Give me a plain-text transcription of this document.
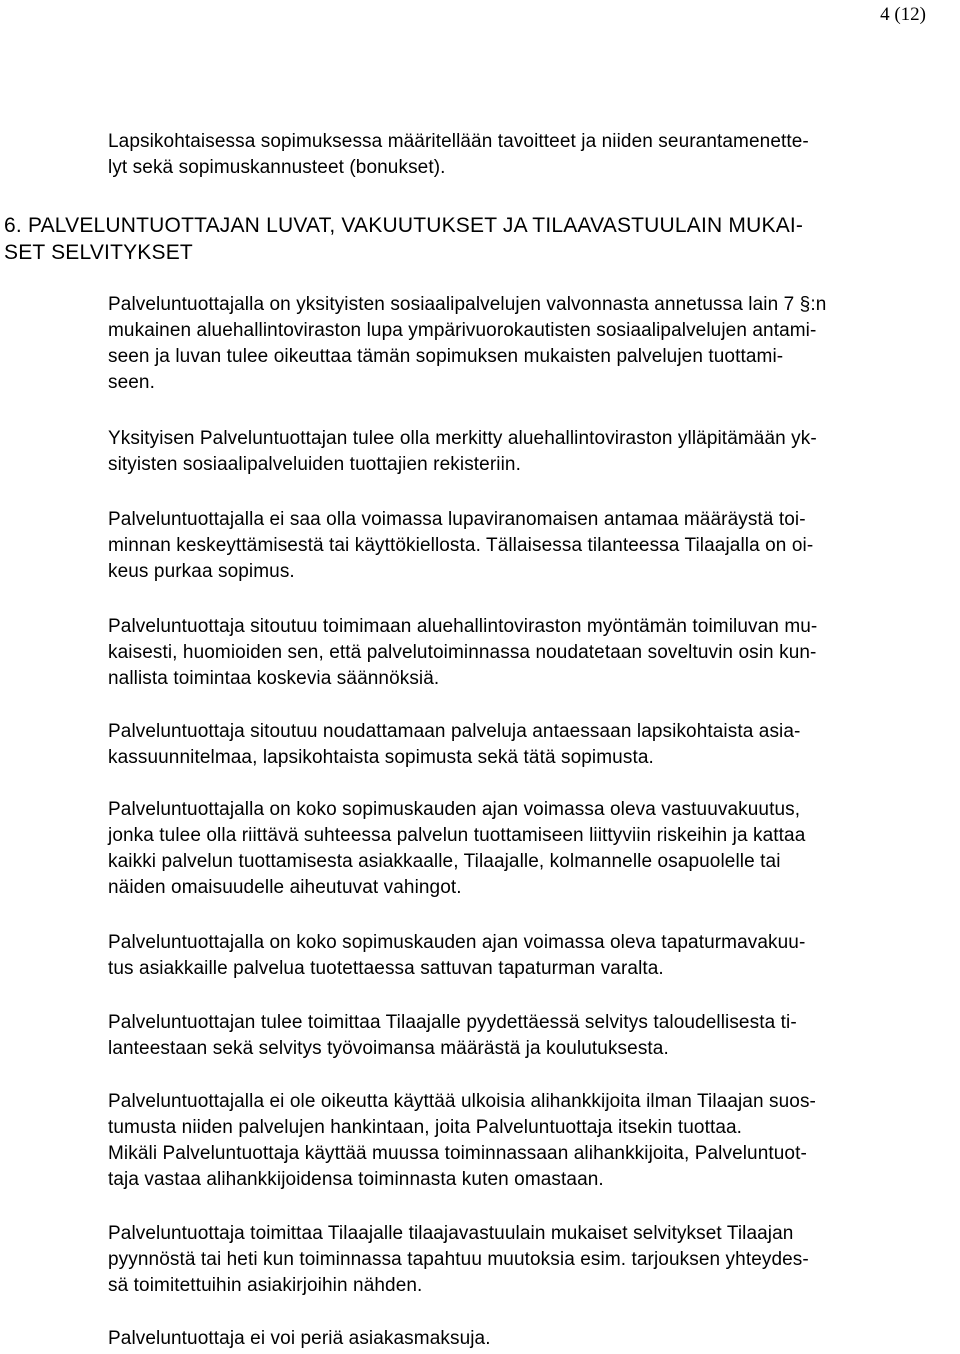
4 (12)
Lapsikohtaisessa sopimuksessa määritellään tavoitteet ja niiden seurantamenette-
lyt sekä sopimuskannusteet (bonukset).
6. PALVELUNTUOTTAJAN LUVAT, VAKUUTUKSET JA TILAAVASTUULAIN MUKAI-
SET SELVITYKSET
Palveluntuottajalla on yksityisten sosiaalipalvelujen valvonnasta annetussa lain 7 §:n
mukainen aluehallintoviraston lupa ympärivuorokautisten sosiaalipalvelujen antami-
seen ja luvan tulee oikeuttaa tämän sopimuksen mukaisten palvelujen tuottami-
seen.
Yksityisen Palveluntuottajan tulee olla merkitty aluehallintoviraston ylläpitämään yk-
sityisten sosiaalipalveluiden tuottajien rekisteriin.
Palveluntuottajalla ei saa olla voimassa lupaviranomaisen antamaa määräystä toi-
minnan keskeyttämisestä tai käyttökiellosta. Tällaisessa tilanteessa Tilaajalla on oi-
keus purkaa sopimus.
Palveluntuottaja sitoutuu toimimaan aluehallintoviraston myöntämän toimiluvan mu-
kaisesti, huomioiden sen, että palvelutoiminnassa noudatetaan soveltuvin osin kun-
nallista toimintaa koskevia säännöksiä.
Palveluntuottaja sitoutuu noudattamaan palveluja antaessaan lapsikohtaista asia-
kassuunnitelmaa, lapsikohtaista sopimusta sekä tätä sopimusta.
Palveluntuottajalla on koko sopimuskauden ajan voimassa oleva vastuuvakuutus,
jonka tulee olla riittävä suhteessa palvelun tuottamiseen liittyviin riskeihin ja kattaa
kaikki palvelun tuottamisesta asiakkaalle, Tilaajalle, kolmannelle osapuolelle tai
näiden omaisuudelle aiheutuvat vahingot.
Palveluntuottajalla on koko sopimuskauden ajan voimassa oleva tapaturmavakuu-
tus asiakkaille palvelua tuotettaessa sattuvan tapaturman varalta.
Palveluntuottajan tulee toimittaa Tilaajalle pyydettäessä selvitys taloudellisesta ti-
lanteestaan sekä selvitys työvoimansa määrästä ja koulutuksesta.
Palveluntuottajalla ei ole oikeutta käyttää ulkoisia alihankkijoita ilman Tilaajan suos-
tumusta niiden palvelujen hankintaan, joita Palveluntuottaja itsekin tuottaa.
Mikäli Palveluntuottaja käyttää muussa toiminnassaan alihankkijoita, Palveluntuot-
taja vastaa alihankkijoidensa toiminnasta kuten omastaan.
Palveluntuottaja toimittaa Tilaajalle tilaajavastuulain mukaiset selvitykset Tilaajan
pyynnöstä tai heti kun toiminnassa tapahtuu muutoksia esim. tarjouksen yhteydes-
sä toimitettuihin asiakirjoihin nähden.
Palveluntuottaja ei voi periä asiakasmaksuja.
